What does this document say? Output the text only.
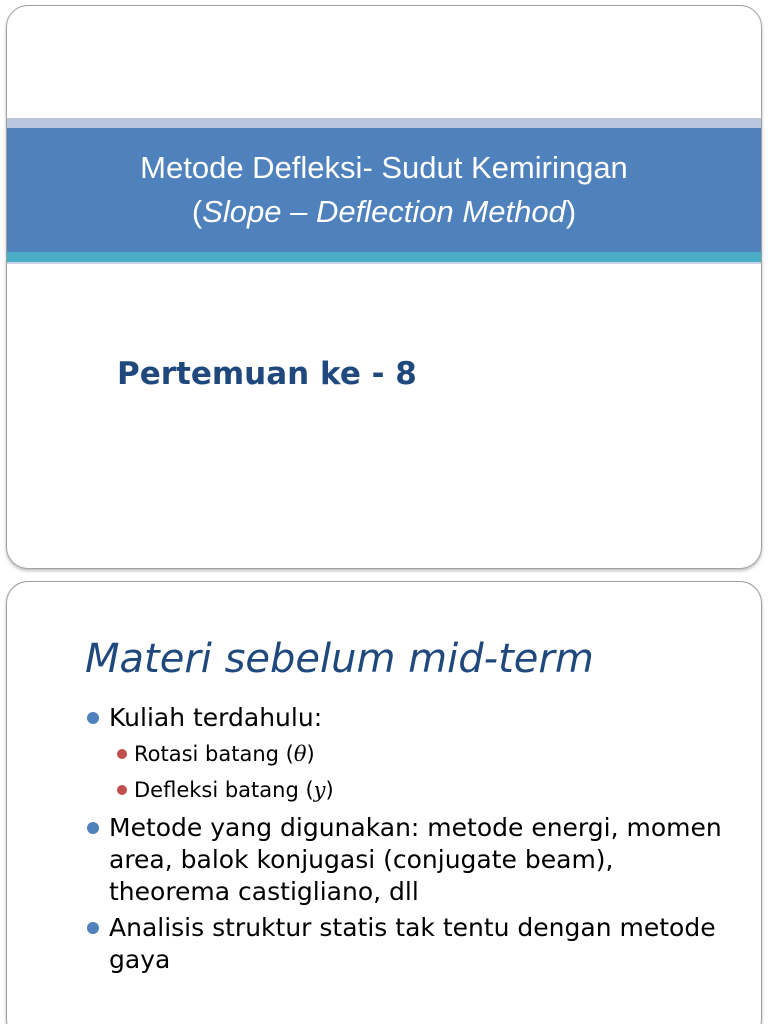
Metode Defleksi- Sudut Kemiringan
(Slope – Deflection Method)
Pertemuan ke - 8
Materi sebelum mid-term
Kuliah terdahulu:
Rotasi batang (θ)
Defleksi batang (y)
Metode yang digunakan: metode energi, momen area, balok konjugasi (conjugate beam), theorema castigliano, dll
Analisis struktur statis tak tentu dengan metode gaya
